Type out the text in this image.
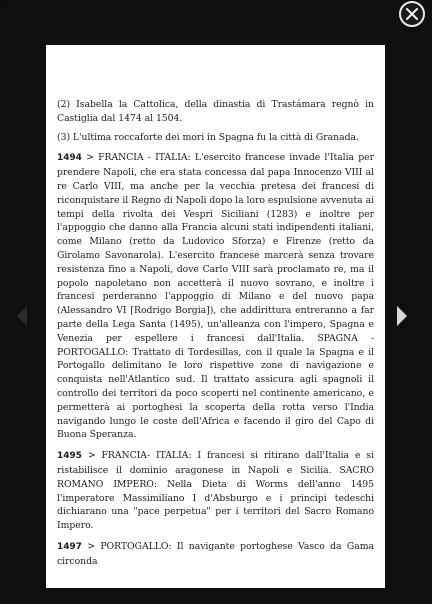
(2) Isabella la Cattolica, della dinastia di Trastámara regnò in Castiglia dal 1474 al 1504.

(3) L'ultima roccaforte dei mori in Spagna fu la città di Granada.

1494 > FRANCIA - ITALIA: L'esercito francese invade l'Italia per prendere Napoli, che era stata concessa dal papa Innocenzo VIII al re Carlo VIII, ma anche per la vecchia pretesa dei francesi di riconquistare il Regno di Napoli dopo la loro espulsione avvenuta ai tempi della rivolta dei Vespri Siciliani (1283) e inoltre per l'appoggio che danno alla Francia alcuni stati indipendenti italiani, come Milano (retto da Ludovico Sforza) e Firenze (retto da Girolamo Savonarola). L'esercito francese marcerà senza trovare resistenza fino a Napoli, dove Carlo VIII sarà proclamato re, ma il popolo napoletano non accetterà il nuovo sovrano, e inoltre i francesi perderanno l'appoggio di Milano e del nuovo papa (Alessandro VI [Rodrigo Borgia]), che addirittura entreranno a far parte della Lega Santa (1495), un'alleanza con l'impero, Spagna e Venezia per espellere i francesi dall'Italia. SPAGNA - PORTOGALLO: Trattato di Tordesillas, con il quale la Spagna e il Portogallo delimitano le loro rispettive zone di navigazione e conquista nell'Atlantico sud. Il trattato assicura agli spagnoli il controllo dei territori da poco scoperti nel continente americano, e permetterà ai portoghesi la scoperta della rotta verso l'India navigando lungo le coste dell'Africa e facendo il giro del Capo di Buona Speranza.

1495 > FRANCIA- ITALIA: I francesi si ritirano dall'Italia e si ristabilisce il dominio aragonese in Napoli e Sicilia. SACRO ROMANO IMPERO: Nella Dieta di Worms dell'anno 1495 l'imperatore Massimiliano I d'Absburgo e i principi tedeschi dichiarano una "pace perpetua" per i territori del Sacro Romano Impero.

1497 > PORTOGALLO: Il navigante portoghese Vasco da Gama circonda
